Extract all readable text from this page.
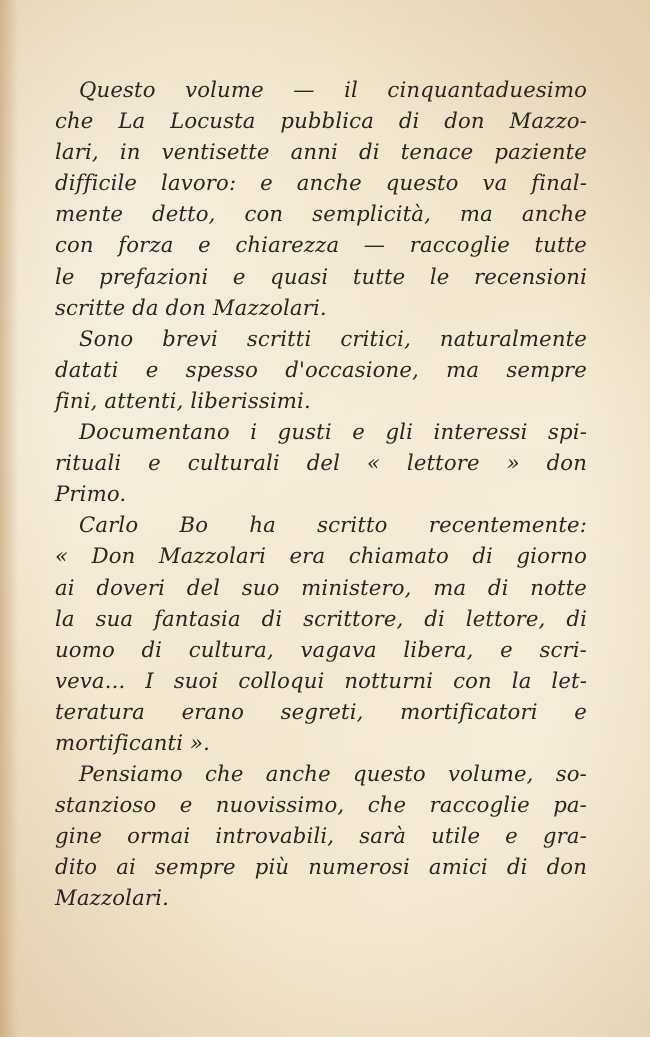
Questo volume — il cinquantaduesimo
che La Locusta pubblica di don Mazzo-
lari, in ventisette anni di tenace paziente
difficile lavoro: e anche questo va final-
mente detto, con semplicità, ma anche
con forza e chiarezza — raccoglie tutte
le prefazioni e quasi tutte le recensioni
scritte da don Mazzolari.

Sono brevi scritti critici, naturalmente
datati e spesso d'occasione, ma sempre
fini, attenti, liberissimi.

Documentano i gusti e gli interessi spi-
rituali e culturali del « lettore » don
Primo.

Carlo Bo ha scritto recentemente:
« Don Mazzolari era chiamato di giorno
ai doveri del suo ministero, ma di notte
la sua fantasia di scrittore, di lettore, di
uomo di cultura, vagava libera, e scri-
veva... I suoi colloqui notturni con la let-
teratura erano segreti, mortificatori e
mortificanti ».

Pensiamo che anche questo volume, so-
stanzioso e nuovissimo, che raccoglie pa-
gine ormai introvabili, sarà utile e gra-
dito ai sempre più numerosi amici di don
Mazzolari.
